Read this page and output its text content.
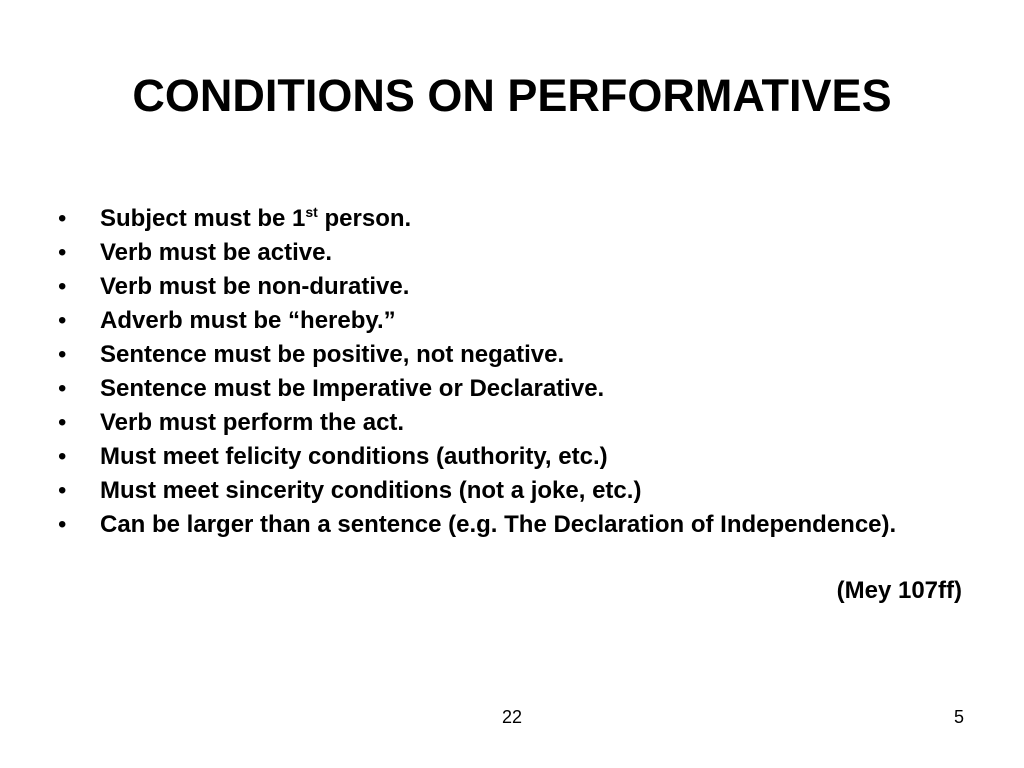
CONDITIONS ON PERFORMATIVES
• Subject must be 1st person.
• Verb must be active.
• Verb must be non-durative.
• Adverb must be “hereby.”
• Sentence must be positive, not negative.
• Sentence must be Imperative or Declarative.
• Verb must perform the act.
• Must meet felicity conditions (authority, etc.)
• Must meet sincerity conditions (not a joke, etc.)
• Can be larger than a sentence (e.g. The Declaration of Independence).
(Mey 107ff)
22	5
